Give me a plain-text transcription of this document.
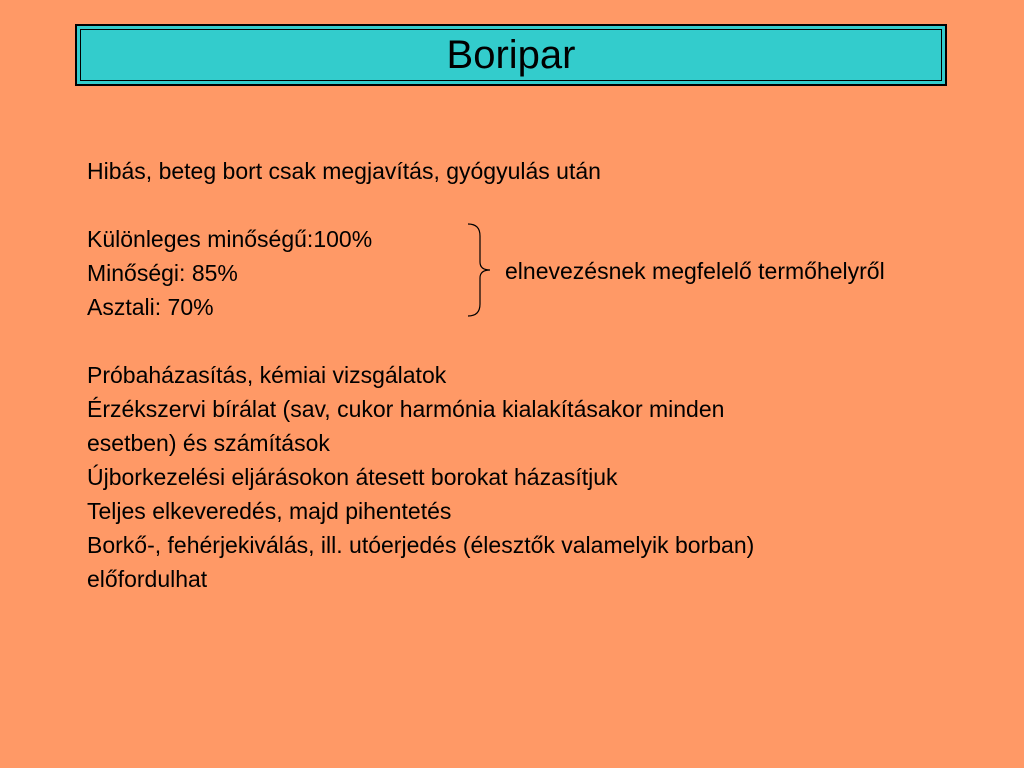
Boripar
Hibás, beteg bort csak megjavítás, gyógyulás után
Különleges minőségű:100%
Minőségi: 85%
Asztali: 70%
elnevezésnek megfelelő termőhelyről
Próbaházasítás, kémiai vizsgálatok
Érzékszervi bírálat (sav, cukor harmónia kialakításakor minden
esetben) és számítások
Újborkezelési eljárásokon átesett borokat házasítjuk
Teljes elkeveredés, majd pihentetés
Borkő-, fehérjekiválás, ill. utóerjedés (élesztők valamelyik borban)
előfordulhat
